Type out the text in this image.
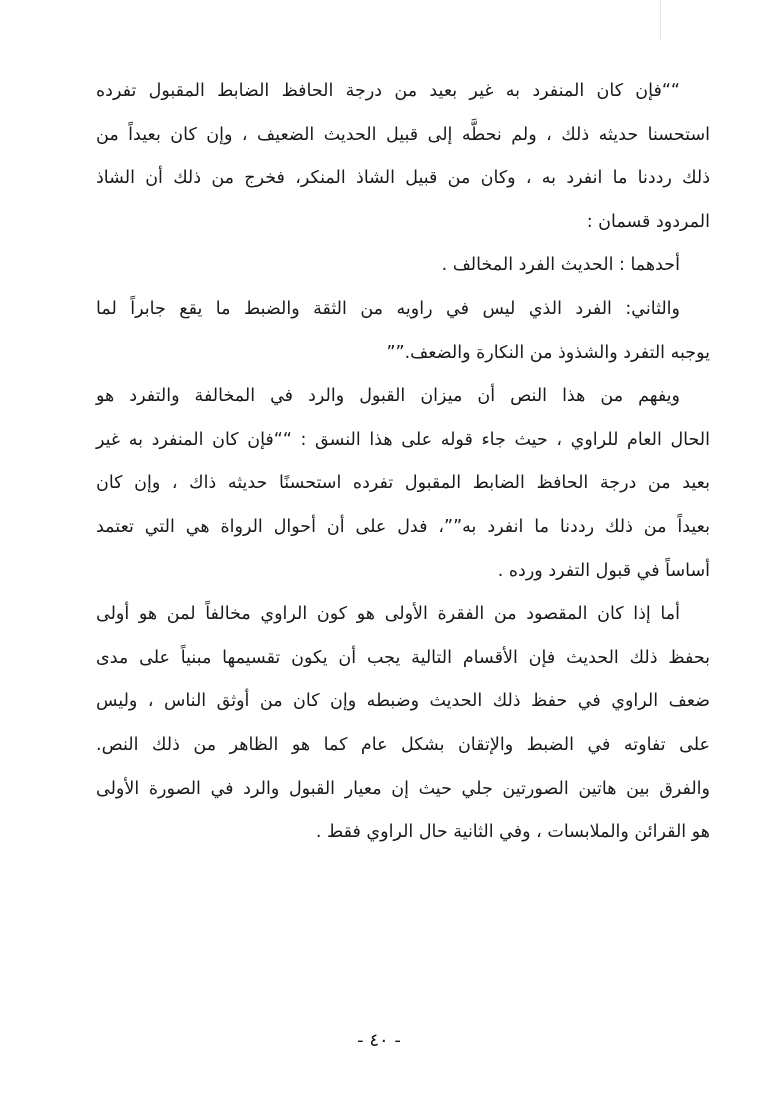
““فإن كان المنفرد به غير بعيد من درجة الحافظ الضابط المقبول تفرده
استحسنا حديثه ذلك ، ولم نحطَّه إلى قبيل الحديث الضعيف ، وإن كان بعيداً من
ذلك رددنا ما انفرد به ، وكان من قبيل الشاذ المنكر، فخرج من ذلك أن الشاذ
المردود قسمان :
أحدهما : الحديث الفرد المخالف .
والثاني: الفرد الذي ليس في راويه من الثقة والضبط ما يقع جابراً لما
يوجبه التفرد والشذوذ من النكارة والضعف.””
ويفهم من هذا النص أن ميزان القبول والرد في المخالفة والتفرد هو
الحال العام للراوي ، حيث جاء قوله على هذا النسق : ““فإن كان المنفرد به غير
بعيد من درجة الحافظ الضابط المقبول تفرده استحسنًا حديثه ذاك ، وإن كان
بعيداً من ذلك رددنا ما انفرد به””، فدل على أن أحوال الرواة هي التي تعتمد
أساساً في قبول التفرد ورده .
أما إذا كان المقصود من الفقرة الأولى هو كون الراوي مخالفاً لمن هو أولى
بحفظ ذلك الحديث فإن الأقسام التالية يجب أن يكون تقسيمها مبنياً على مدى
ضعف الراوي في حفظ ذلك الحديث وضبطه وإن كان من أوثق الناس ، وليس
على تفاوته في الضبط والإتقان بشكل عام كما هو الظاهر من ذلك النص.
والفرق بين هاتين الصورتين جلي حيث إن معيار القبول والرد في الصورة الأولى
هو القرائن والملابسات ، وفي الثانية حال الراوي فقط .
- ٤٠ -
